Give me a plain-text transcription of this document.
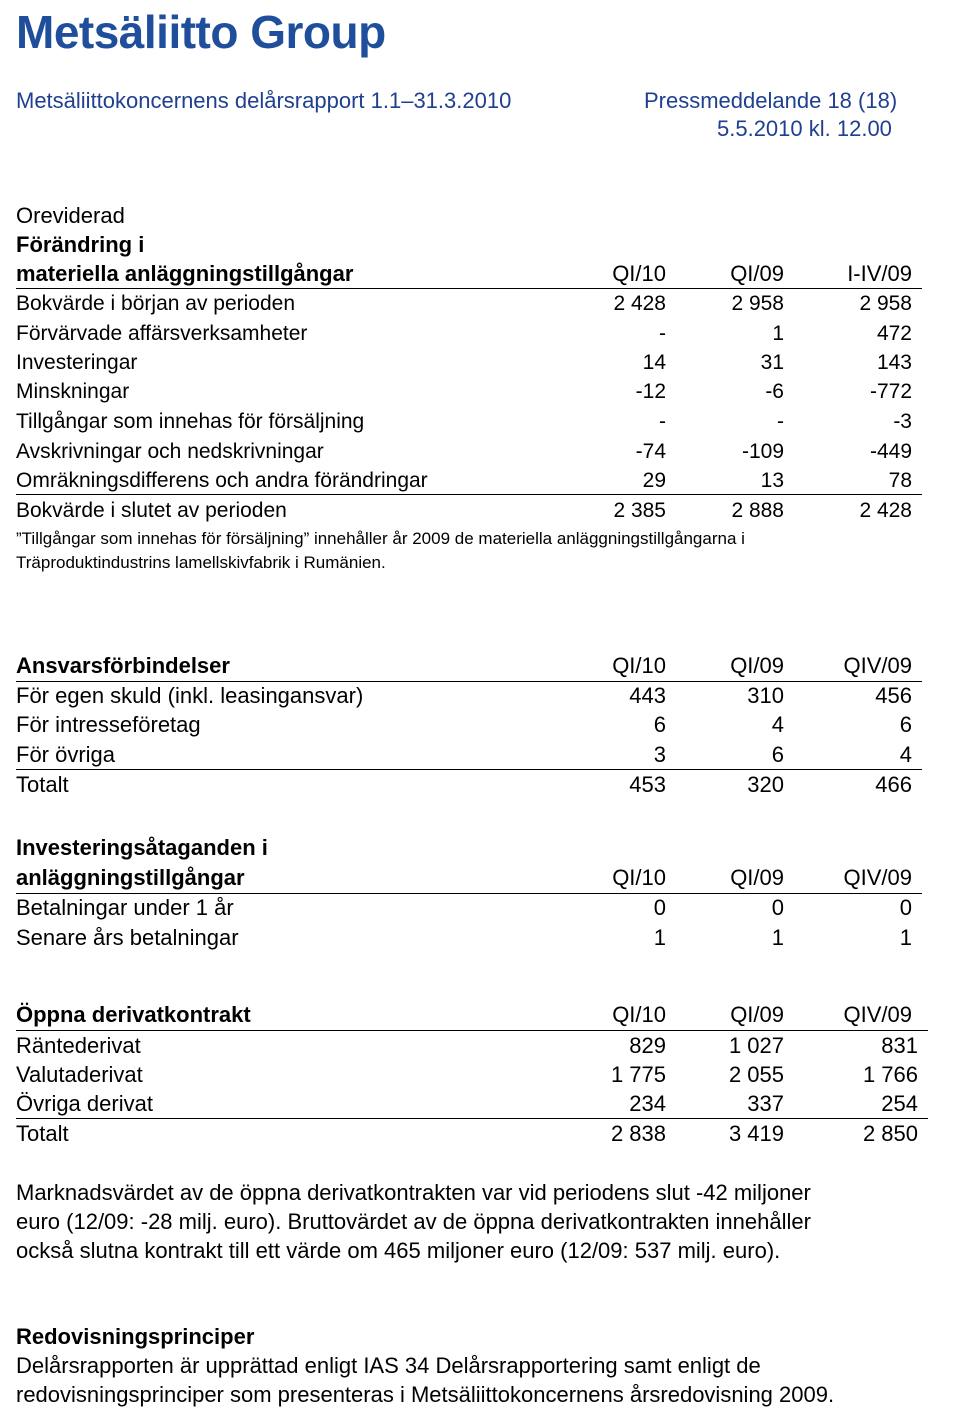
Metsäliitto Group
Metsäliittokoncernens delårsrapport 1.1–31.3.2010	Pressmeddelande 18 (18)
5.5.2010 kl. 12.00
Oreviderad
Förändring i
materiella anläggningstillgångar	QI/10	QI/09	I-IV/09
Bokvärde i början av perioden	2 428	2 958	2 958
Förvärvade affärsverksamheter	-	1	472
Investeringar	14	31	143
Minskningar	-12	-6	-772
Tillgångar som innehas för försäljning	-	-	-3
Avskrivningar och nedskrivningar	-74	-109	-449
Omräkningsdifferens och andra förändringar	29	13	78
Bokvärde i slutet av perioden	2 385	2 888	2 428
”Tillgångar som innehas för försäljning” innehåller år 2009 de materiella anläggningstillgångarna i
Träproduktindustrins lamellskivfabrik i Rumänien.
Ansvarsförbindelser	QI/10	QI/09	QIV/09
För egen skuld (inkl. leasingansvar)	443	310	456
För intresseföretag	6	4	6
För övriga	3	6	4
Totalt	453	320	466
Investeringsåtaganden i
anläggningstillgångar	QI/10	QI/09	QIV/09
Betalningar under 1 år	0	0	0
Senare års betalningar	1	1	1
Öppna derivatkontrakt	QI/10	QI/09	QIV/09
Räntederivat	829	1 027	831
Valutaderivat	1 775	2 055	1 766
Övriga derivat	234	337	254
Totalt	2 838	3 419	2 850
Marknadsvärdet av de öppna derivatkontrakten var vid periodens slut -42 miljoner
euro (12/09: -28 milj. euro). Bruttovärdet av de öppna derivatkontrakten innehåller
också slutna kontrakt till ett värde om 465 miljoner euro (12/09: 537 milj. euro).
Redovisningsprinciper
Delårsrapporten är upprättad enligt IAS 34 Delårsrapportering samt enligt de
redovisningsprinciper som presenteras i Metsäliittokoncernens årsredovisning 2009.
